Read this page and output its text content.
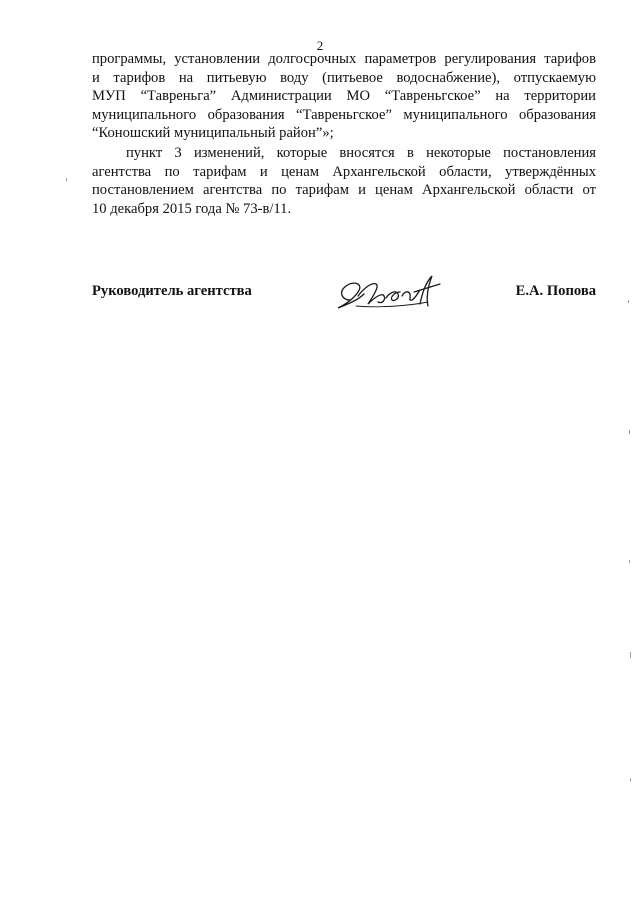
2
программы, установлении долгосрочных параметров регулирования тарифов
и тарифов на питьевую воду (питьевое водоснабжение), отпускаемую
МУП “Тавреньга” Администрации МО “Тавреньгское” на территории
муниципального образования “Тавреньгское” муниципального образования
“Коношский муниципальный район”»;
пункт 3 изменений, которые вносятся в некоторые постановления
агентства по тарифам и ценам Архангельской области, утверждённых
постановлением агентства по тарифам и ценам Архангельской области от
10 декабря 2015 года № 73-в/11.
Руководитель агентства	Е.А. Попова
